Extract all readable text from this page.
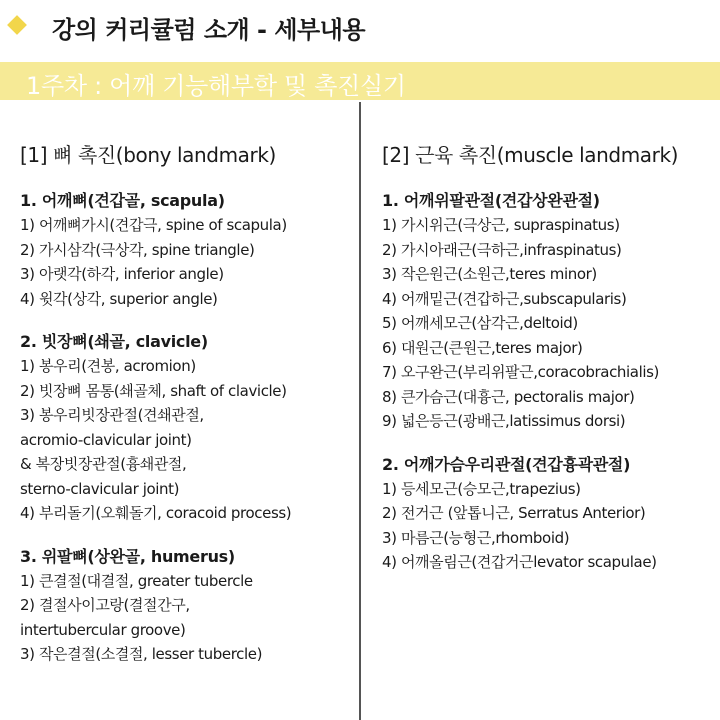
강의 커리큘럼 소개 - 세부내용
1주차 : 어깨 기능해부학 및 촉진실기
[1] 뼈 촉진(bony landmark)
1. 어깨뼈(견갑골, scapula)
1) 어깨뼈가시(견갑극, spine of scapula)
2) 가시삼각(극상각, spine triangle)
3) 아랫각(하각, inferior angle)
4) 윗각(상각, superior angle)
2. 빗장뼈(쇄골, clavicle)
1) 봉우리(견봉, acromion)
2) 빗장뼈 몸통(쇄골체, shaft of clavicle)
3) 봉우리빗장관절(견쇄관절,
acromio-clavicular joint)
& 복장빗장관절(흉쇄관절,
sterno-clavicular joint)
4) 부리돌기(오훼돌기, coracoid process)
3. 위팔뼈(상완골, humerus)
1) 큰결절(대결절, greater tubercle
2) 결절사이고랑(결절간구,
intertubercular groove)
3) 작은결절(소결절, lesser tubercle)
[2] 근육 촉진(muscle landmark)
1. 어깨위팔관절(견갑상완관절)
1) 가시위근(극상근, supraspinatus)
2) 가시아래근(극하근,infraspinatus)
3) 작은원근(소원근,teres minor)
4) 어깨밑근(견갑하근,subscapularis)
5) 어깨세모근(삼각근,deltoid)
6) 대원근(큰원근,teres major)
7) 오구완근(부리위팔근,coracobrachialis)
8) 큰가슴근(대흉근, pectoralis major)
9) 넓은등근(광배근,latissimus dorsi)
2. 어깨가슴우리관절(견갑흉곽관절)
1) 등세모근(승모근,trapezius)
2) 전거근 (앞톱니근, Serratus Anterior)
3) 마름근(능형근,rhomboid)
4) 어깨올림근(견갑거근levator scapulae)
